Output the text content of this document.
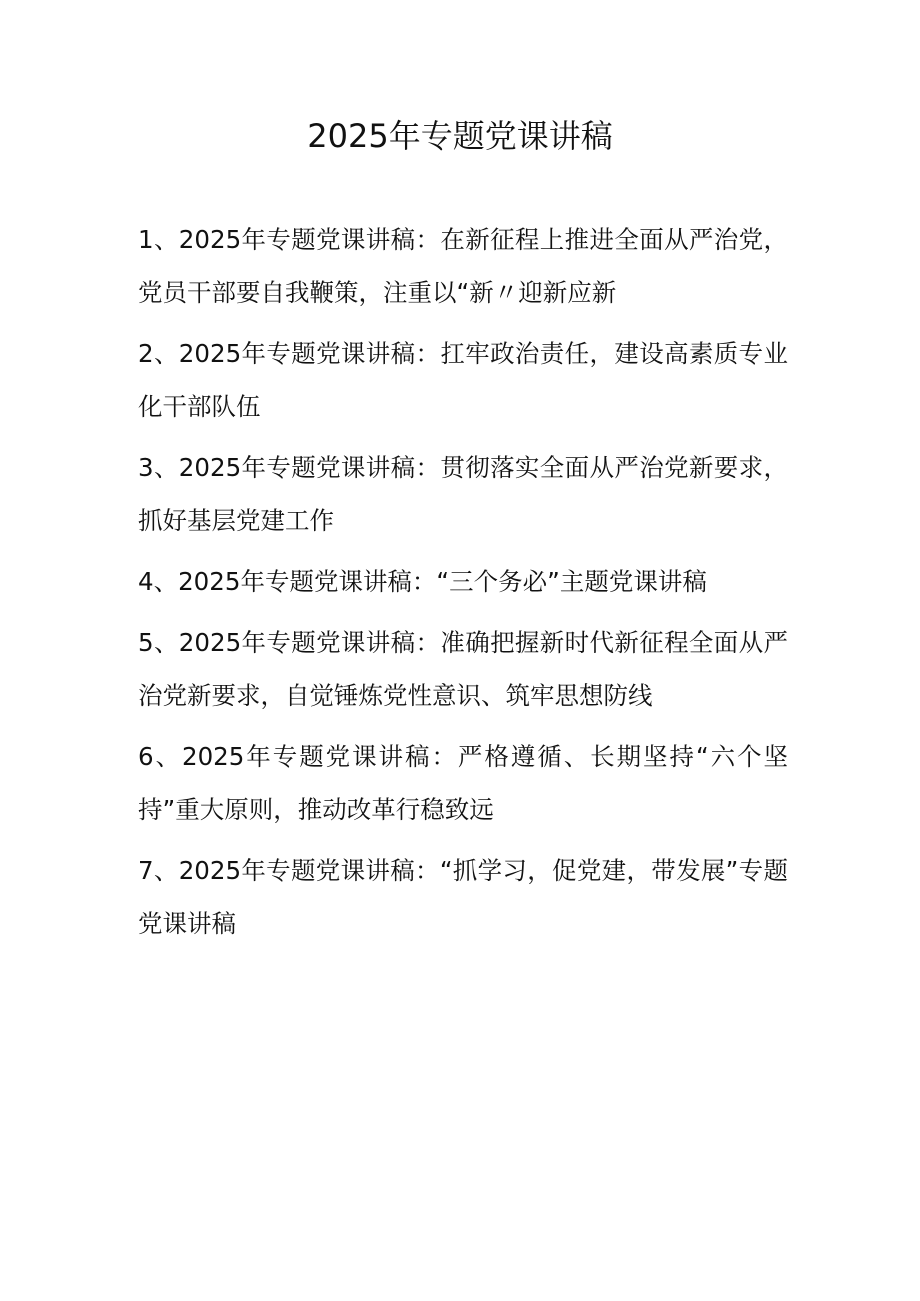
2025年专题党课讲稿
1、2025年专题党课讲稿：在新征程上推进全面从严治党，党员干部要自我鞭策，注重以“新〃迎新应新
2、2025年专题党课讲稿：扛牢政治责任，建设高素质专业化干部队伍
3、2025年专题党课讲稿：贯彻落实全面从严治党新要求，抓好基层党建工作
4、2025年专题党课讲稿：“三个务必”主题党课讲稿
5、2025年专题党课讲稿：准确把握新时代新征程全面从严治党新要求，自觉锤炼党性意识、筑牢思想防线
6、2025年专题党课讲稿：严格遵循、长期坚持“六个坚持”重大原则，推动改革行稳致远
7、2025年专题党课讲稿：“抓学习，促党建，带发展”专题党课讲稿
